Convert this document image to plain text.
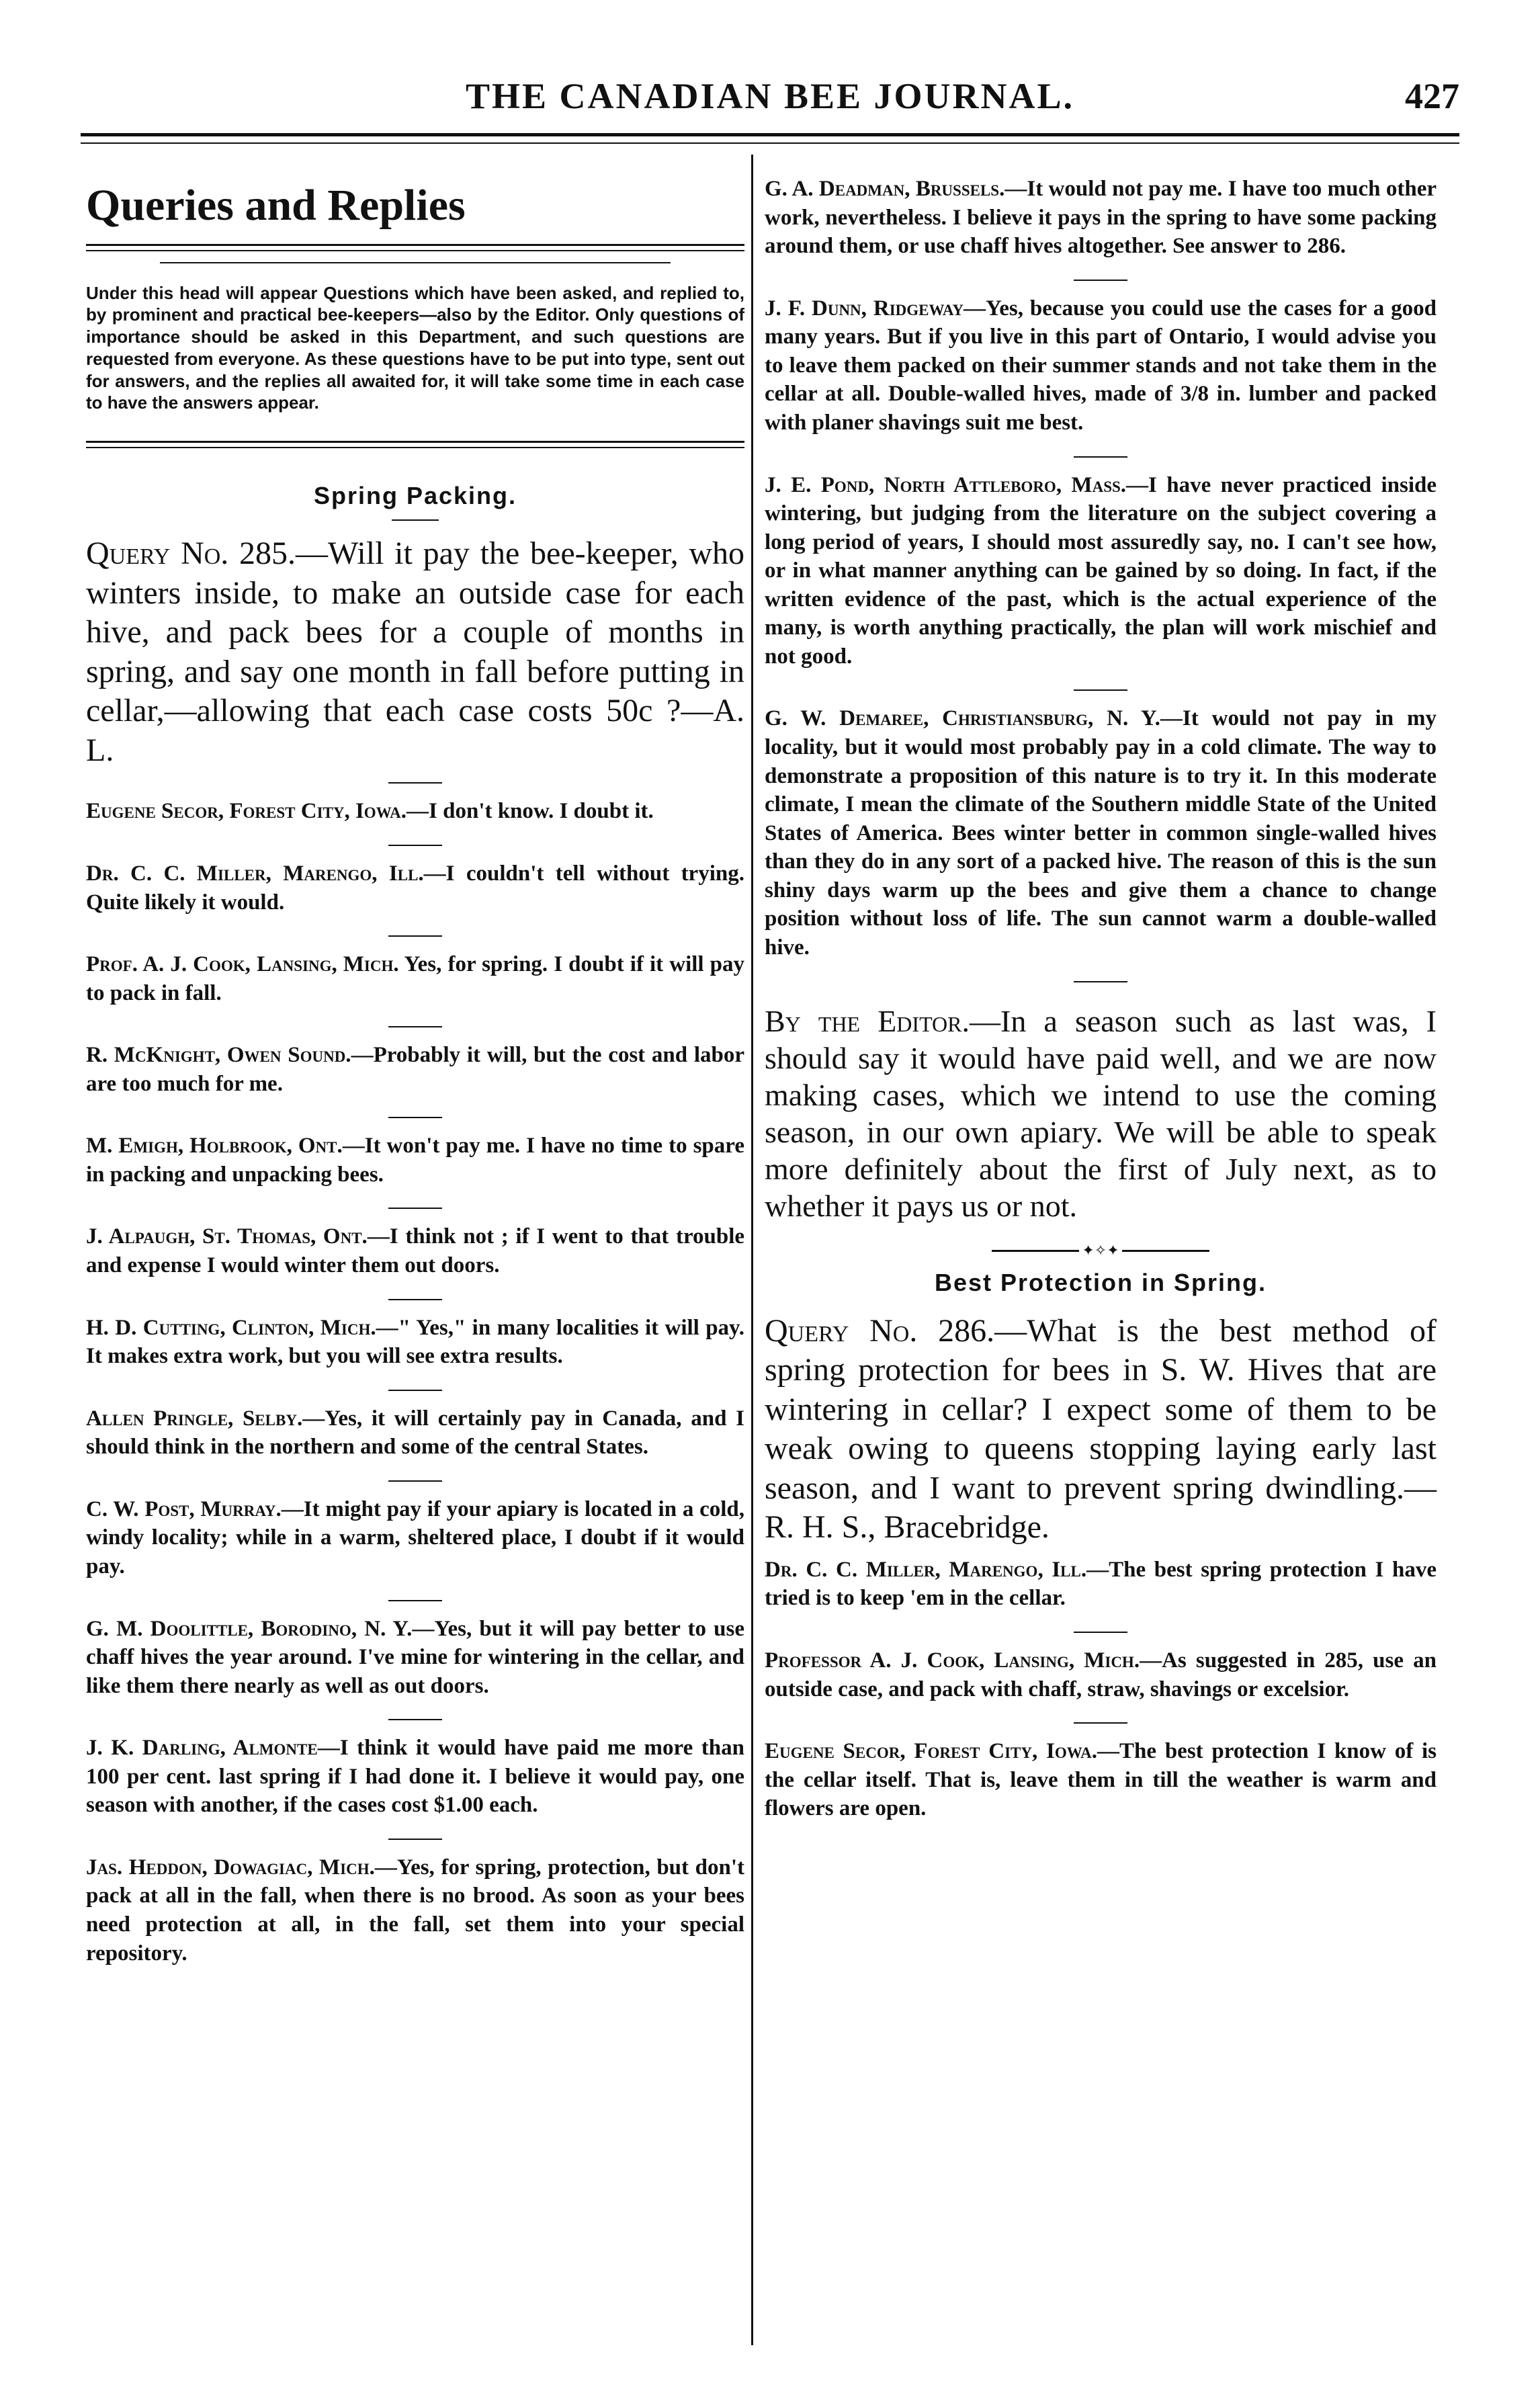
THE CANADIAN BEE JOURNAL.	427
Queries and Replies
Under this head will appear Questions which have been asked, and replied to, by prominent and practical bee-keepers—also by the Editor. Only questions of importance should be asked in this Department, and such questions are requested from everyone. As these questions have to be put into type, sent out for answers, and the replies all awaited for, it will take some time in each case to have the answers appear.
Spring Packing.
Query No. 285.—Will it pay the bee-keeper, who winters inside, to make an outside case for each hive, and pack bees for a couple of months in spring, and say one month in fall before putting in cellar,—allowing that each case costs 50c ?—A. L.
Eugene Secor, Forest City, Iowa.—I don't know. I doubt it.
Dr. C. C. Miller, Marengo, Ill.—I couldn't tell without trying. Quite likely it would.
Prof. A. J. Cook, Lansing, Mich. Yes, for spring. I doubt if it will pay to pack in fall.
R. McKnight, Owen Sound.—Probably it will, but the cost and labor are too much for me.
M. Emigh, Holbrook, Ont.—It won't pay me. I have no time to spare in packing and unpacking bees.
J. Alpaugh, St. Thomas, Ont.—I think not ; if I went to that trouble and expense I would winter them out doors.
H. D. Cutting, Clinton, Mich.—" Yes," in many localities it will pay. It makes extra work, but you will see extra results.
Allen Pringle, Selby.—Yes, it will certainly pay in Canada, and I should think in the northern and some of the central States.
C. W. Post, Murray.—It might pay if your apiary is located in a cold, windy locality; while in a warm, sheltered place, I doubt if it would pay.
G. M. Doolittle, Borodino, N. Y.—Yes, but it will pay better to use chaff hives the year around. I've mine for wintering in the cellar, and like them there nearly as well as out doors.
J. K. Darling, Almonte—I think it would have paid me more than 100 per cent. last spring if I had done it. I believe it would pay, one season with another, if the cases cost $1.00 each.
Jas. Heddon, Dowagiac, Mich.—Yes, for spring, protection, but don't pack at all in the fall, when there is no brood. As soon as your bees need protection at all, in the fall, set them into your special repository.
G. A. Deadman, Brussels.—It would not pay me. I have too much other work, nevertheless. I believe it pays in the spring to have some packing around them, or use chaff hives altogether. See answer to 286.
J. F. Dunn, Ridgeway—Yes, because you could use the cases for a good many years. But if you live in this part of Ontario, I would advise you to leave them packed on their summer stands and not take them in the cellar at all. Double-walled hives, made of 3/8 in. lumber and packed with planer shavings suit me best.
J. E. Pond, North Attleboro, Mass.—I have never practiced inside wintering, but judging from the literature on the subject covering a long period of years, I should most assuredly say, no. I can't see how, or in what manner anything can be gained by so doing. In fact, if the written evidence of the past, which is the actual experience of the many, is worth anything practically, the plan will work mischief and not good.
G. W. Demaree, Christiansburg, N. Y.—It would not pay in my locality, but it would most probably pay in a cold climate. The way to demonstrate a proposition of this nature is to try it. In this moderate climate, I mean the climate of the Southern middle State of the United States of America. Bees winter better in common single-walled hives than they do in any sort of a packed hive. The reason of this is the sun shiny days warm up the bees and give them a chance to change position without loss of life. The sun cannot warm a double-walled hive.
By the Editor.—In a season such as last was, I should say it would have paid well, and we are now making cases, which we intend to use the coming season, in our own apiary. We will be able to speak more definitely about the first of July next, as to whether it pays us or not.
✦✧✦
Best Protection in Spring.
Query No. 286.—What is the best method of spring protection for bees in S. W. Hives that are wintering in cellar? I expect some of them to be weak owing to queens stopping laying early last season, and I want to prevent spring dwindling.—R. H. S., Bracebridge.
Dr. C. C. Miller, Marengo, Ill.—The best spring protection I have tried is to keep 'em in the cellar.
Professor A. J. Cook, Lansing, Mich.—As suggested in 285, use an outside case, and pack with chaff, straw, shavings or excelsior.
Eugene Secor, Forest City, Iowa.—The best protection I know of is the cellar itself. That is, leave them in till the weather is warm and flowers are open.
